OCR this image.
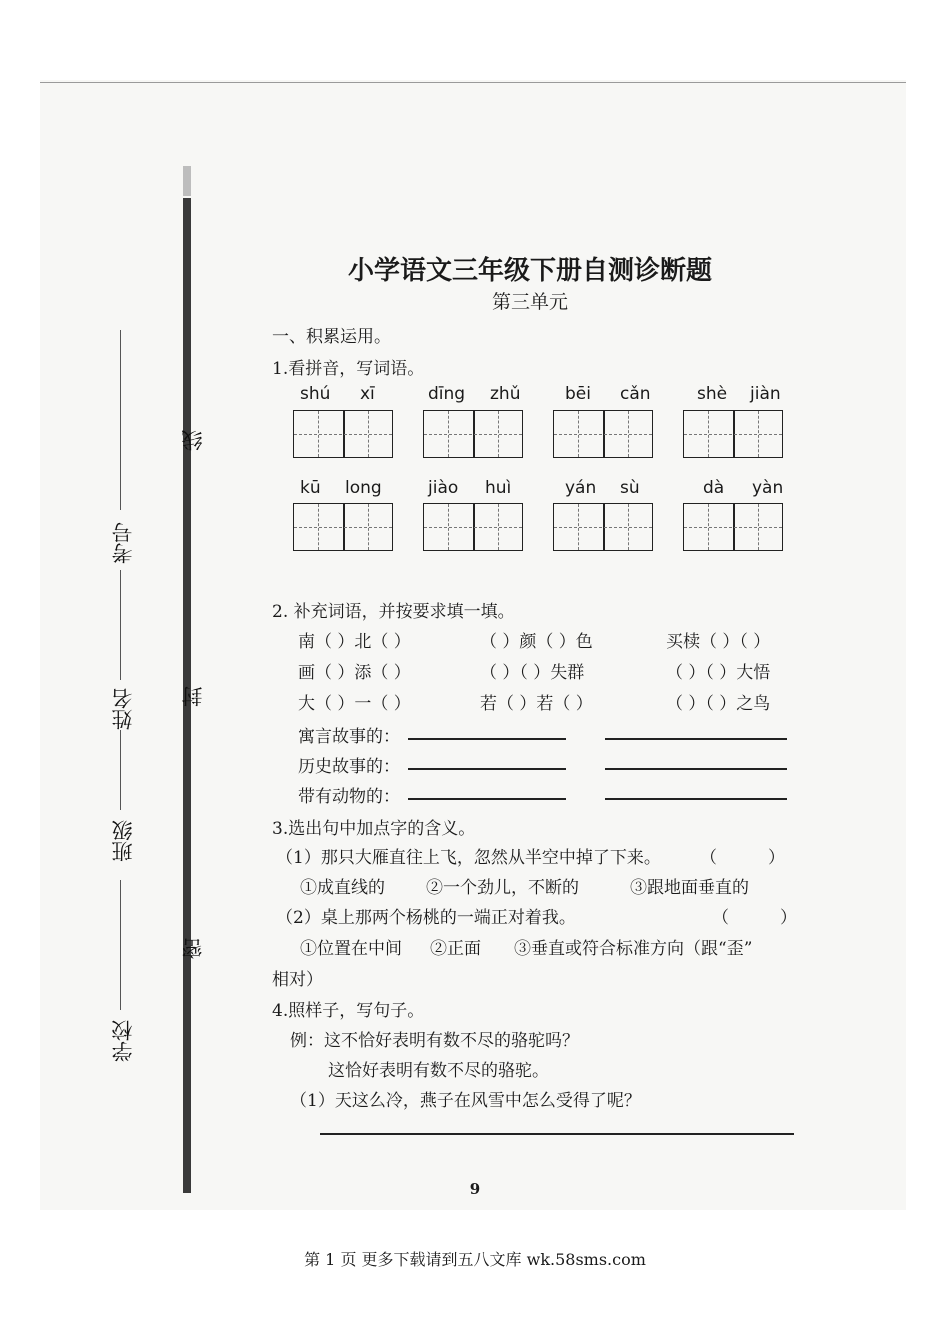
线
封
密
考号
姓名
班级
学校
小学语文三年级下册自测诊断题
第三单元
一、积累运用。
1.看拼音，写词语。
shú xī	dīng zhǔ	bēi cǎn	shè jiàn
kū long	jiào huì	yán sù	dà yàn
2. 补充词语，并按要求填一填。
南（ ）北（ ）	（ ）颜（ ）色	买椟（ ）（ ）
画（ ）添（ ）	（ ）（ ）失群	（ ）（ ）大悟
大（ ）一（ ）	若（ ）若（ ）	（ ）（ ）之鸟
寓言故事的：
历史故事的：
带有动物的：
3.选出句中加点字的含义。
（1）那只大雁直往上飞，忽然从半空中掉了下来。 （　　　）
①成直线的 ②一个劲儿，不断的	③跟地面垂直的
（2）桌上那两个杨桃的一端正对着我。	（　　　）
①位置在中间 ②正面 ③垂直或符合标准方向（跟“歪”
相对）
4.照样子，写句子。
例：这不恰好表明有数不尽的骆驼吗？
这恰好表明有数不尽的骆驼。
（1）天这么冷，燕子在风雪中怎么受得了呢？
9
第 1 页 更多下载请到五八文库 wk.58sms.com
